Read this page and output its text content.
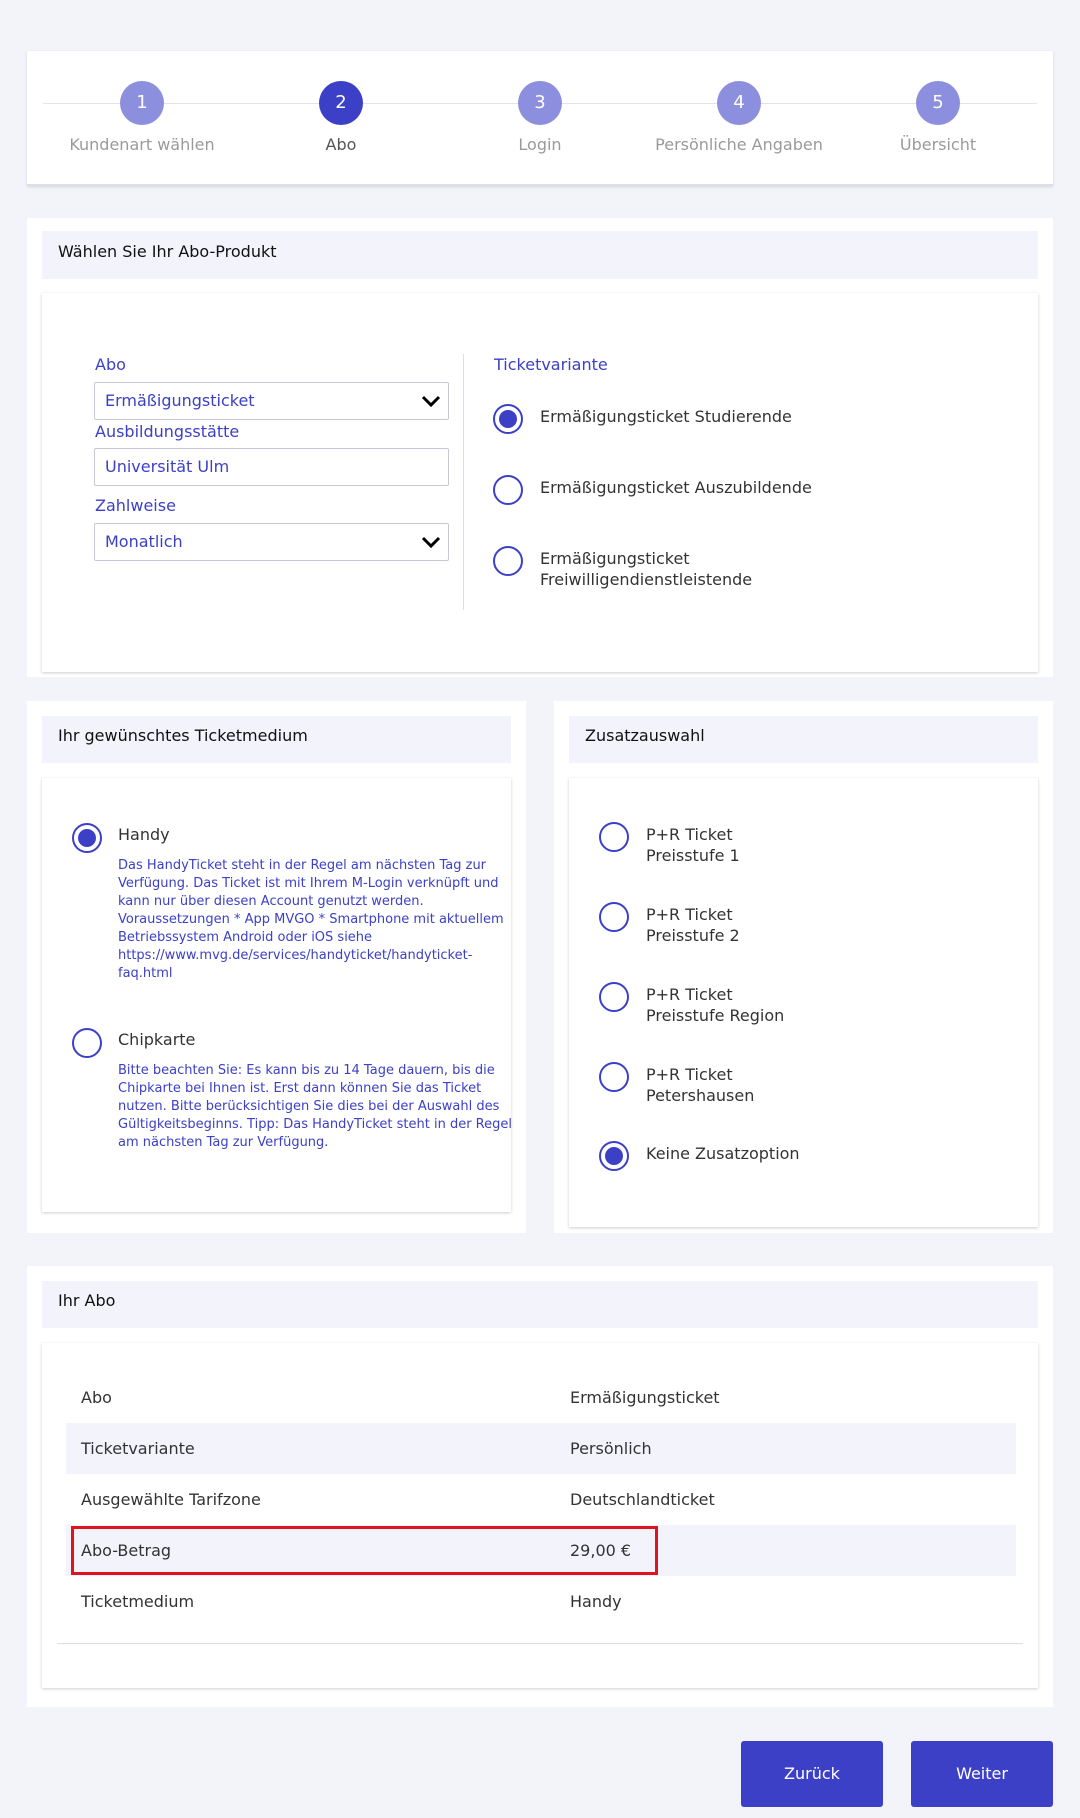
1
Kundenart wählen
2
Abo
3
Login
4
Persönliche Angaben
5
Übersicht
Wählen Sie Ihr Abo-Produkt
Abo
Ermäßigungsticket
Ausbildungsstätte
Universität Ulm
Zahlweise
Monatlich
Ticketvariante
Ermäßigungsticket Studierende
Ermäßigungsticket Auszubildende
Ermäßigungsticket
Freiwilligendienstleistende
Ihr gewünschtes Ticketmedium
Handy
Das HandyTicket steht in der Regel am nächsten Tag zur
Verfügung. Das Ticket ist mit Ihrem M-Login verknüpft und
kann nur über diesen Account genutzt werden.
Voraussetzungen * App MVGO * Smartphone mit aktuellem
Betriebssystem Android oder iOS siehe
https://www.mvg.de/services/handyticket/handyticket-
faq.html
Chipkarte
Bitte beachten Sie: Es kann bis zu 14 Tage dauern, bis die
Chipkarte bei Ihnen ist. Erst dann können Sie das Ticket
nutzen. Bitte berücksichtigen Sie dies bei der Auswahl des
Gültigkeitsbeginns. Tipp: Das HandyTicket steht in der Regel
am nächsten Tag zur Verfügung.
Zusatzauswahl
P+R Ticket
Preisstufe 1
P+R Ticket
Preisstufe 2
P+R Ticket
Preisstufe Region
P+R Ticket
Petershausen
Keine Zusatzoption
Ihr Abo
Abo	Ermäßigungsticket
Ticketvariante	Persönlich
Ausgewählte Tarifzone	Deutschlandticket
Abo-Betrag	29,00 €
Ticketmedium	Handy
Zurück	Weiter
